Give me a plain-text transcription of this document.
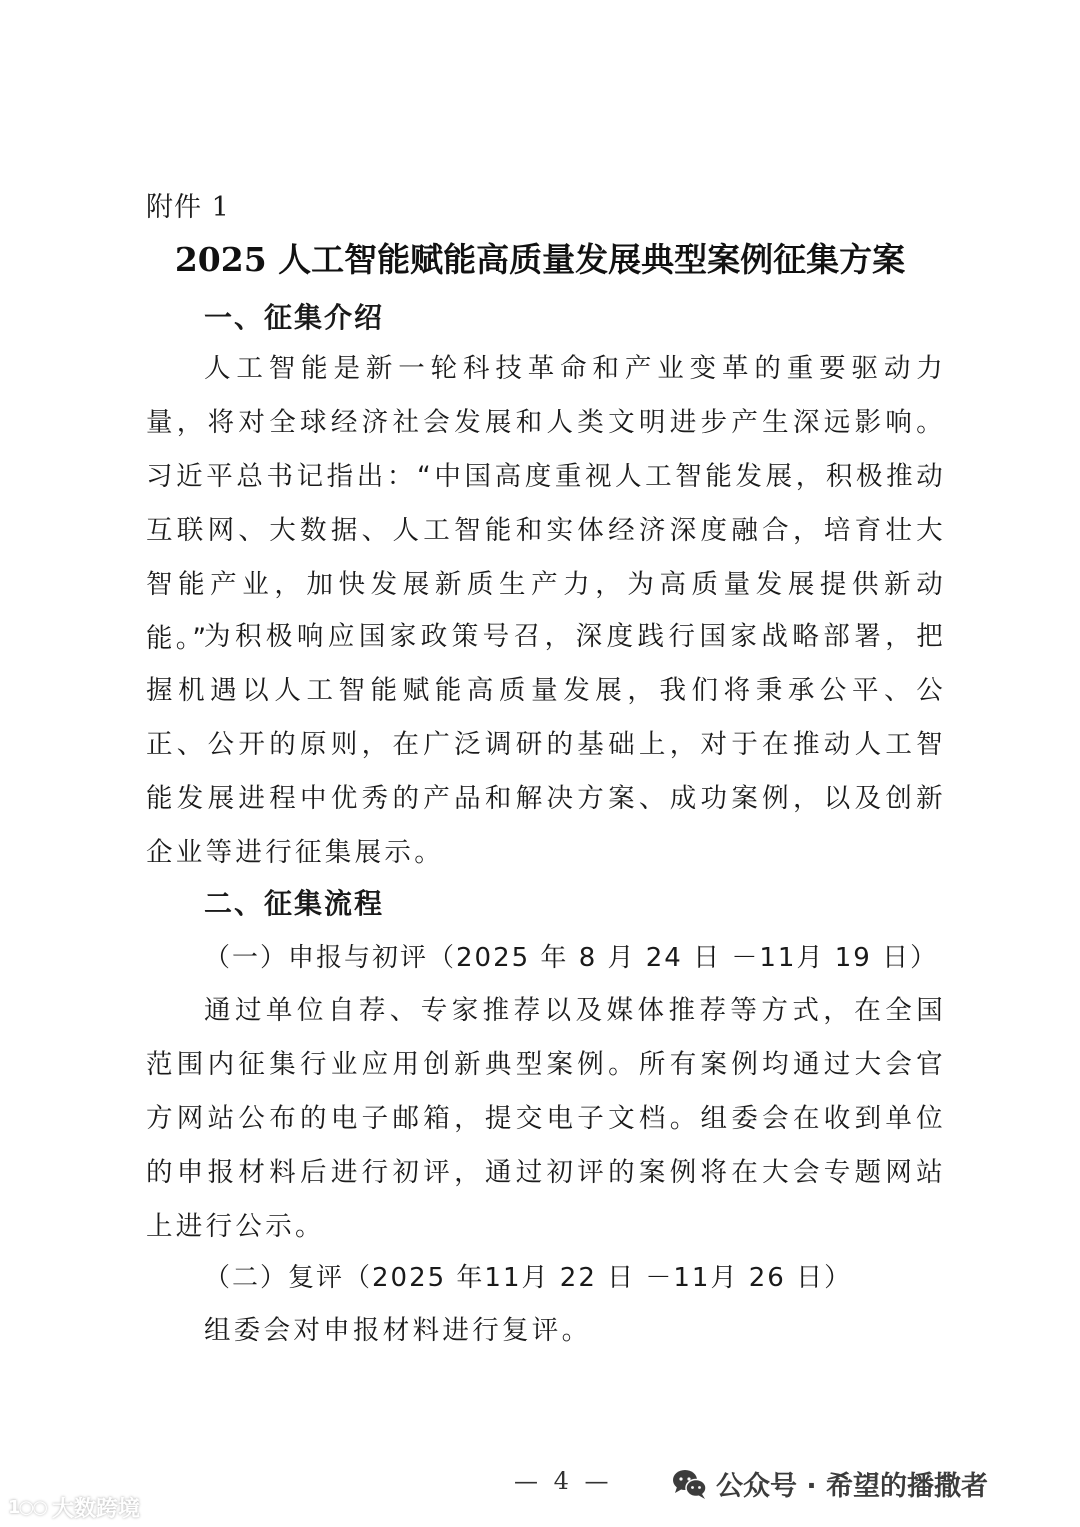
附件 1
2025 人工智能赋能高质量发展典型案例征集方案
一、征集介绍
人工智能是新一轮科技革命和产业变革的重要驱动力量，将对全球经济社会发展和人类文明进步产生深远影响。习近平总书记指出：“中国高度重视人工智能发展，积极推动互联网、大数据、人工智能和实体经济深度融合，培育壮大智能产业，加快发展新质生产力，为高质量发展提供新动能。”
为积极响应国家政策号召，深度践行国家战略部署，把握机遇以人工智能赋能高质量发展，我们将秉承公平、公正、公开的原则，在广泛调研的基础上，对于在推动人工智能发展进程中优秀的产品和解决方案、成功案例，以及创新企业等进行征集展示。
二、征集流程
（一）申报与初评（2025 年 8 月 24 日 －11月 19 日）
通过单位自荐、专家推荐以及媒体推荐等方式，在全国范围内征集行业应用创新典型案例。所有案例均通过大会官方网站公布的电子邮箱，提交电子文档。组委会在收到单位的申报材料后进行初评，通过初评的案例将在大会专题网站上进行公示。
（二）复评（2025 年11月 22 日 －11月 26 日）
组委会对申报材料进行复评。
— 4 —
1○○ 大数跨境
公众号 · 希望的播撒者
